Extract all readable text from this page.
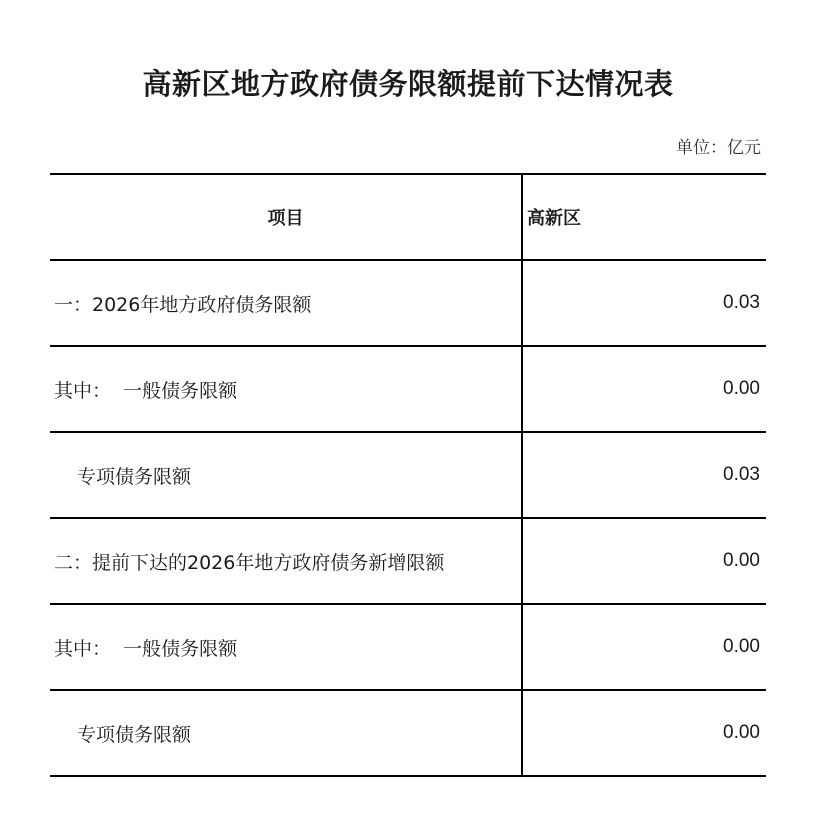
高新区地方政府债务限额提前下达情况表
单位：亿元
项目	高新区
一：2026年地方政府债务限额	0.03
其中：  一般债务限额	0.00
专项债务限额	0.03
二：提前下达的2026年地方政府债务新增限额	0.00
其中：  一般债务限额	0.00
专项债务限额	0.00
